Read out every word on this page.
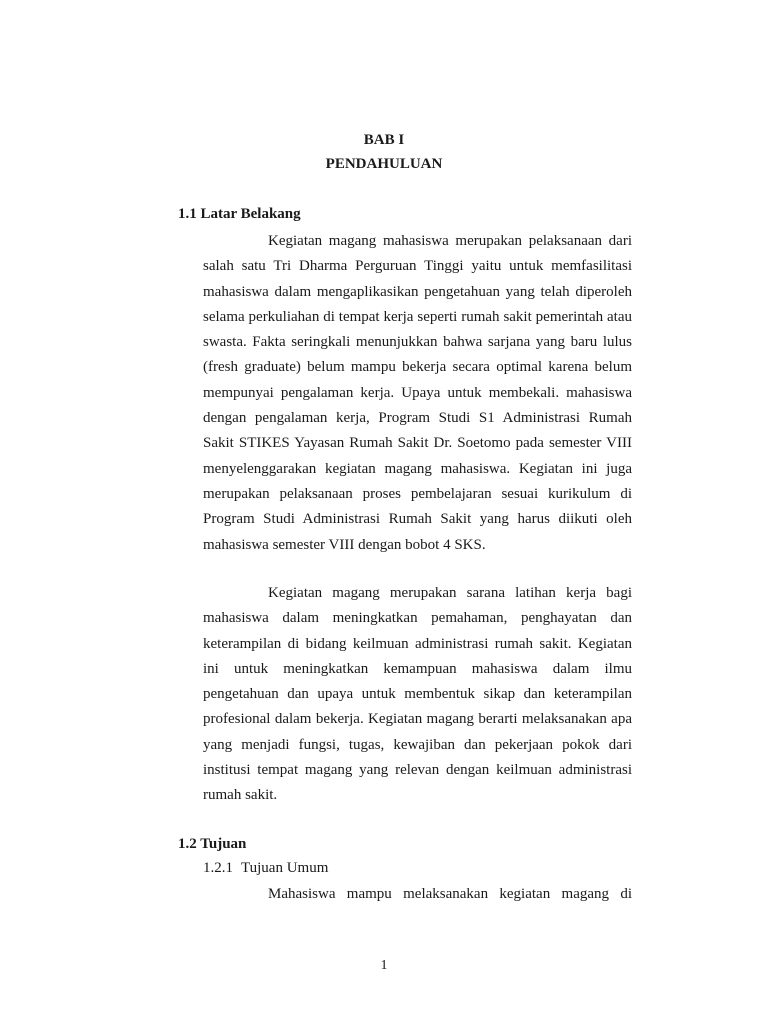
BAB I
PENDAHULUAN
1.1 Latar Belakang

Kegiatan magang mahasiswa merupakan pelaksanaan dari salah satu Tri Dharma Perguruan Tinggi yaitu untuk memfasilitasi mahasiswa dalam mengaplikasikan pengetahuan yang telah diperoleh selama perkuliahan di tempat kerja seperti rumah sakit pemerintah atau swasta. Fakta seringkali menunjukkan bahwa sarjana yang baru lulus (fresh graduate) belum mampu bekerja secara optimal karena belum mempunyai pengalaman kerja. Upaya untuk membekali. mahasiswa dengan pengalaman kerja, Program Studi S1 Administrasi Rumah Sakit STIKES Yayasan Rumah Sakit Dr. Soetomo pada semester VIII menyelenggarakan kegiatan magang mahasiswa. Kegiatan ini juga merupakan pelaksanaan proses pembelajaran sesuai kurikulum di Program Studi Administrasi Rumah Sakit yang harus diikuti oleh mahasiswa semester VIII dengan bobot 4 SKS.

Kegiatan magang merupakan sarana latihan kerja bagi mahasiswa dalam meningkatkan pemahaman, penghayatan dan keterampilan di bidang keilmuan administrasi rumah sakit. Kegiatan ini untuk meningkatkan kemampuan mahasiswa dalam ilmu pengetahuan dan upaya untuk membentuk sikap dan keterampilan profesional dalam bekerja. Kegiatan magang berarti melaksanakan apa yang menjadi fungsi, tugas, kewajiban dan pekerjaan pokok dari institusi tempat magang yang relevan dengan keilmuan administrasi rumah sakit.

1.2 Tujuan
1.2.1 Tujuan Umum

Mahasiswa mampu melaksanakan kegiatan magang di

1
